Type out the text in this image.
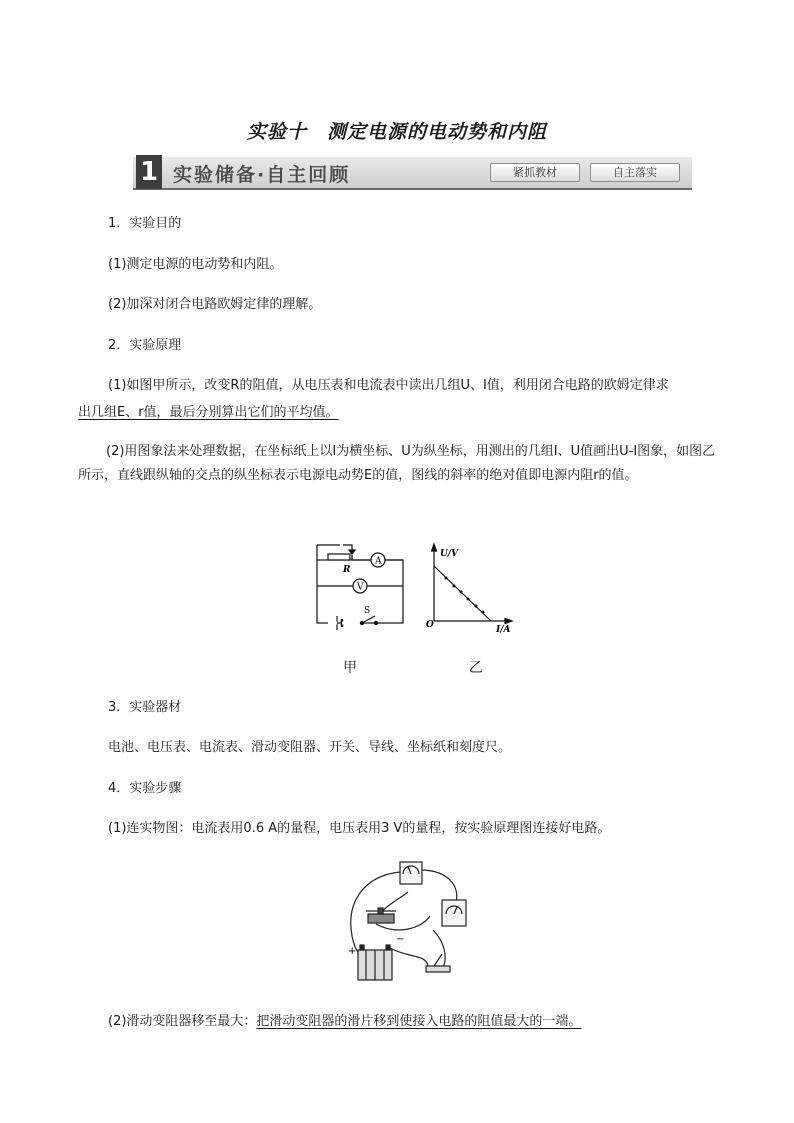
实验十　测定电源的电动势和内阻
1 实验储备·自主回顾	紧抓教材	自主落实
1．实验目的
(1)测定电源的电动势和内阻。
(2)加深对闭合电路欧姆定律的理解。
2．实验原理
(1)如图甲所示，改变R的阻值，从电压表和电流表中读出几组U、I值，利用闭合电路的欧姆定律求
出几组E、r值，最后分别算出它们的平均值。
(2)用图象法来处理数据，在坐标纸上以I为横坐标、U为纵坐标，用测出的几组I、U值画出U-I图象，如图乙所示，直线跟纵轴的交点的纵坐标表示电源电动势E的值，图线的斜率的绝对值即电源内阻r的值。
R
A
V
S
U/V
I/A
O
甲	乙
3．实验器材
电池、电压表、电流表、滑动变阻器、开关、导线、坐标纸和刻度尺。
4．实验步骤
(1)连实物图：电流表用0.6 A的量程，电压表用3 V的量程，按实验原理图连接好电路。
+
−
(2)滑动变阻器移至最大：把滑动变阻器的滑片移到使接入电路的阻值最大的一端。
